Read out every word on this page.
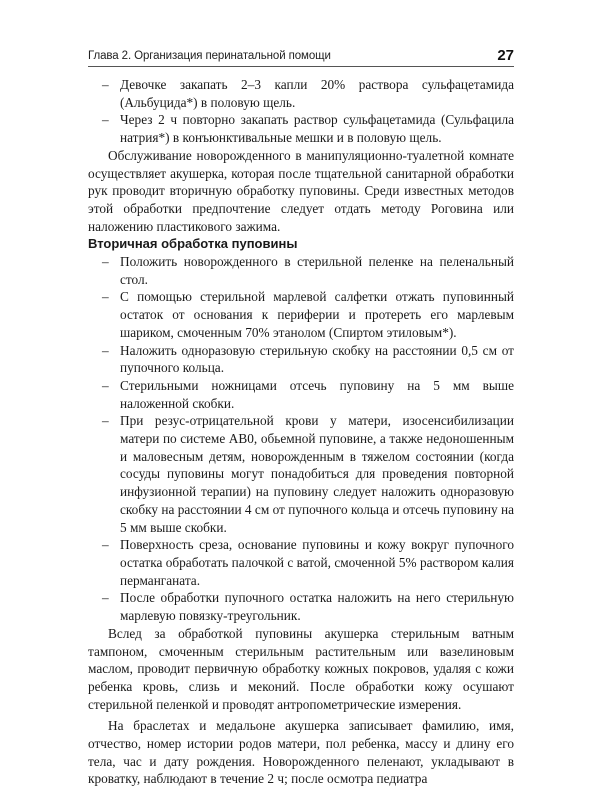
Глава 2. Организация перинатальной помощи	27

– Девочке закапать 2–3 капли 20% раствора сульфацетамида (Альбуцида*) в половую щель.

– Через 2 ч повторно закапать раствор сульфацетамида (Сульфацила натрия*) в конъюнктивальные мешки и в половую щель.

Обслуживание новорожденного в манипуляционно-туалетной комнате осуществляет акушерка, которая после тщательной санитарной обработки рук проводит вторичную обработку пуповины. Среди известных методов этой обработки предпочтение следует отдать методу Роговина или наложению пластикового зажима.

Вторичная обработка пуповины

– Положить новорожденного в стерильной пеленке на пеленальный стол.

– С помощью стерильной марлевой салфетки отжать пуповинный остаток от основания к периферии и протереть его марлевым шариком, смоченным 70% этанолом (Спиртом этиловым*).

– Наложить одноразовую стерильную скобку на расстоянии 0,5 см от пупочного кольца.

– Стерильными ножницами отсечь пуповину на 5 мм выше наложенной скобки.

– При резус-отрицательной крови у матери, изосенсибилизации матери по системе АВ0, обьемной пуповине, а также недоношенным и маловесным детям, новорожденным в тяжелом состоянии (когда сосуды пуповины могут понадобиться для проведения повторной инфузионной терапии) на пуповину следует наложить одноразовую скобку на расстоянии 4 см от пупочного кольца и отсечь пуповину на 5 мм выше скобки.

– Поверхность среза, основание пуповины и кожу вокруг пупочного остатка обработать палочкой с ватой, смоченной 5% раствором калия перманганата.

– После обработки пупочного остатка наложить на него стерильную марлевую повязку-треугольник.

Вслед за обработкой пуповины акушерка стерильным ватным тампоном, смоченным стерильным растительным или вазелиновым маслом, проводит первичную обработку кожных покровов, удаляя с кожи ребенка кровь, слизь и меконий. После обработки кожу осушают стерильной пеленкой и проводят антропометрические измерения.

На браслетах и медальоне акушерка записывает фамилию, имя, отчество, номер истории родов матери, пол ребенка, массу и длину его тела, час и дату рождения. Новорожденного пеленают, укладывают в кроватку, наблюдают в течение 2 ч; после осмотра педиатра
